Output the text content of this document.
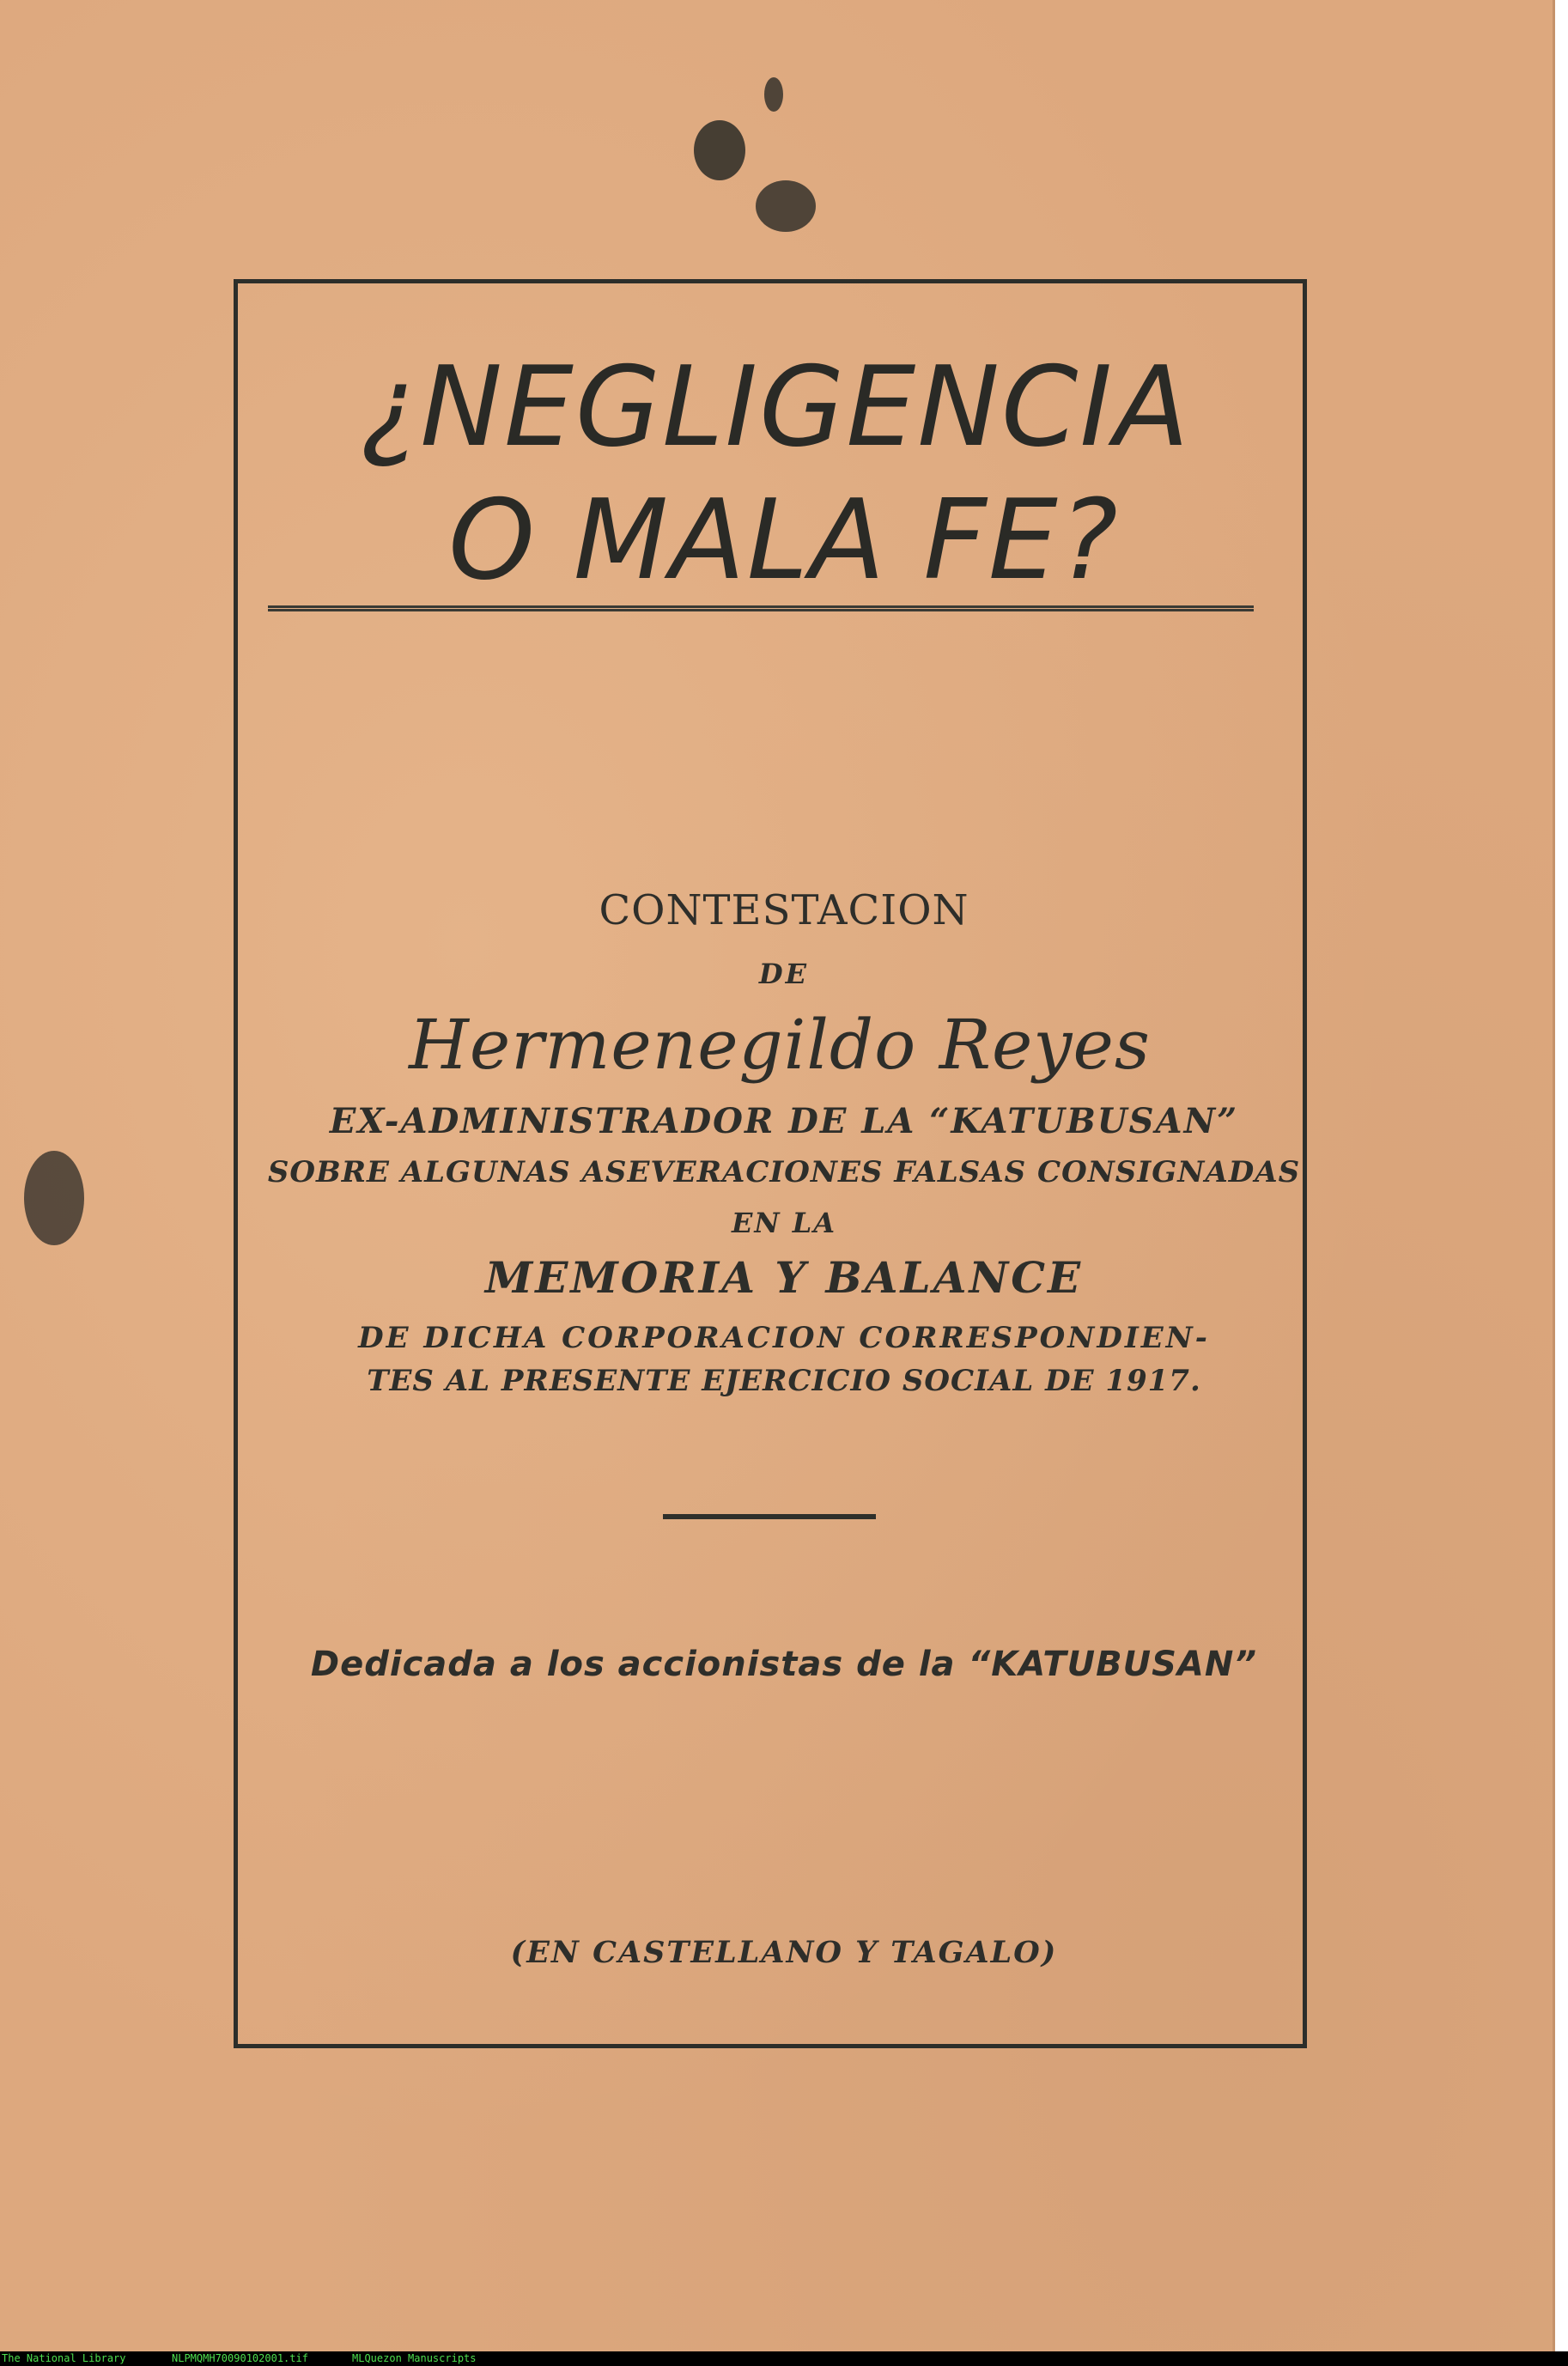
¿NEGLIGENCIA
O MALA FE?
CONTESTACION
DE
Hermenegildo Reyes
EX-ADMINISTRADOR DE LA “KATUBUSAN”
SOBRE ALGUNAS ASEVERACIONES FALSAS CONSIGNADAS
EN LA
MEMORIA Y BALANCE
DE DICHA CORPORACION CORRESPONDIEN-
TES AL PRESENTE EJERCICIO SOCIAL DE 1917.
Dedicada a los accionistas de la “KATUBUSAN”
(EN CASTELLANO Y TAGALO)
The National Library	NLPMQMH70090102001.tif	MLQuezon Manuscripts
